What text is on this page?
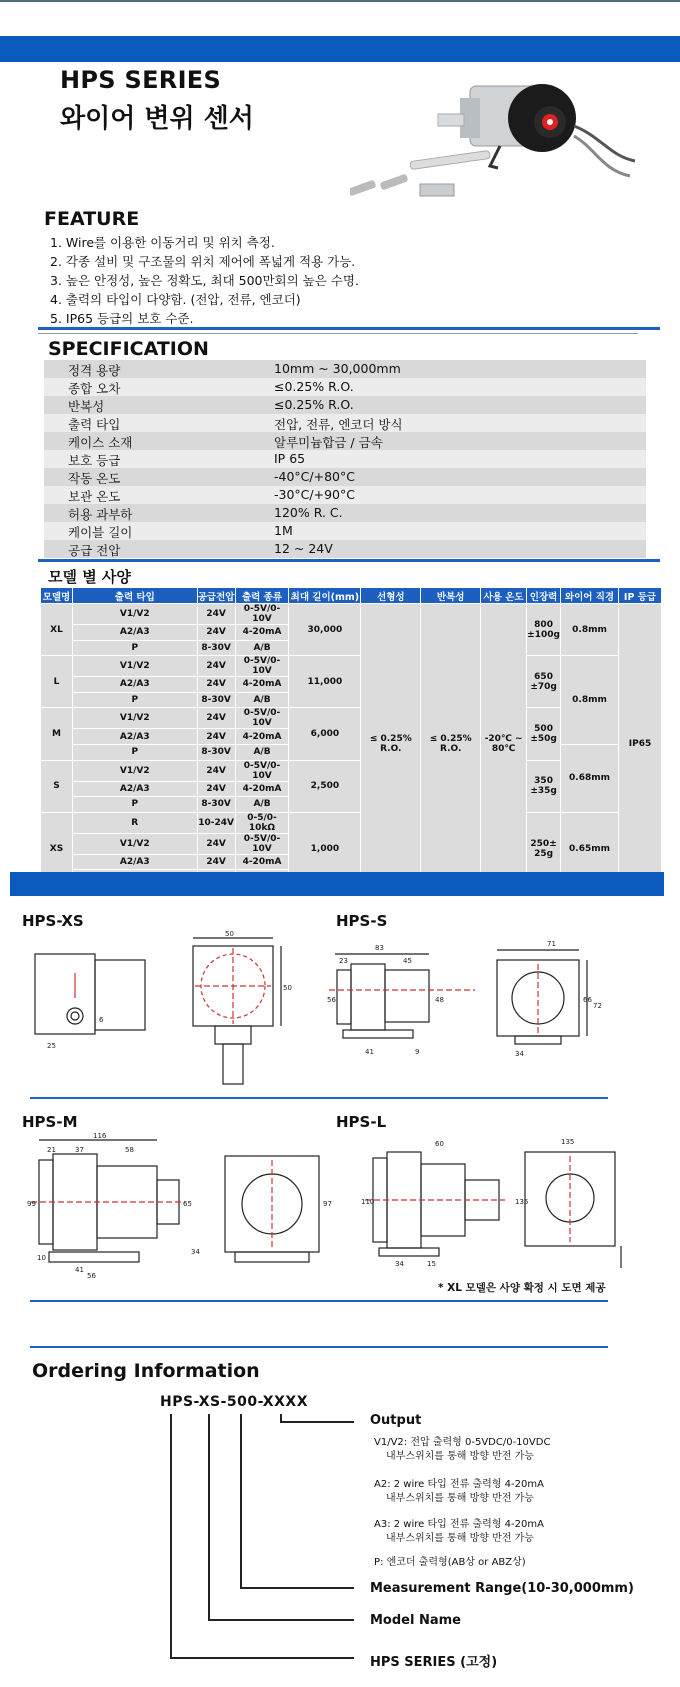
HPS SERIES
와이어 변위 센서
FEATURE
1. Wire를 이용한 이동거리 및 위치 측정.
2. 각종 설비 및 구조물의 위치 제어에 폭넓게 적용 가능.
3. 높은 안정성, 높은 정확도, 최대 500만회의 높은 수명.
4. 출력의 타입이 다양함. (전압, 전류, 엔코더)
5. IP65 등급의 보호 수준.
SPECIFICATION
정격 용량	10mm ~ 30,000mm
종합 오차	≤0.25% R.O.
반복성	≤0.25% R.O.
출력 타입	전압, 전류, 엔코더 방식
케이스 소재	알루미늄합금 / 금속
보호 등급	IP 65
작동 온도	-40°C/+80°C
보관 온도	-30°C/+90°C
허용 과부하	120% R. C.
케이블 길이	1M
공급 전압	12 ~ 24V
모델 별 사양
모델명	출력 타입	공급전압	출력 종류	최대 길이(mm)	선형성	반복성	사용 온도	인장력	와이어 직경	IP 등급
XL	V1/V2	24V	0-5V/0-10V	30,000	≤ 0.25% R.O.	≤ 0.25% R.O.	-20℃ ~ 80℃	800 ±100g	0.8mm	IP65
	A2/A3	24V	4-20mA							
	P	8-30V	A/B							
L	V1/V2	24V	0-5V/0-10V	11,000				650 ±70g	0.8mm	
	A2/A3	24V	4-20mA							
	P	8-30V	A/B							
M	V1/V2	24V	0-5V/0-10V	6,000				500 ±50g		
	A2/A3	24V	4-20mA							
	P	8-30V	A/B						0.68mm	
S	V1/V2	24V	0-5V/0-10V	2,500				350 ±35g		
	A2/A3	24V	4-20mA							
	P	8-30V	A/B							
XS	R	10-24V	0-5/0-10kΩ	1,000				250± 25g	0.65mm	
	V1/V2	24V	0-5V/0-10V							
	A2/A3	24V	4-20mA							

HPS-XS	HPS-S
25
50
50
6
83
23	45
56	48
71
66
72
34
41	9
HPS-M	HPS-L
116
21	37	58
99	65	97
34
10
41
56
60	135
110	135
34	15
* XL 모델은 사양 확정 시 도면 제공
Ordering Information
HPS-XS-500-XXXX
Output
V1/V2: 전압 출력형 0-5VDC/0-10VDC
내부스위치를 통해 방향 반전 가능
A2: 2 wire 타입 전류 출력형 4-20mA
내부스위치를 통해 방향 반전 가능
A3: 2 wire 타입 전류 출력형 4-20mA
내부스위치를 통해 방향 반전 가능
P: 엔코더 출력형(AB상 or ABZ상)
Measurement Range(10-30,000mm)
Model Name
HPS SERIES (고정)
